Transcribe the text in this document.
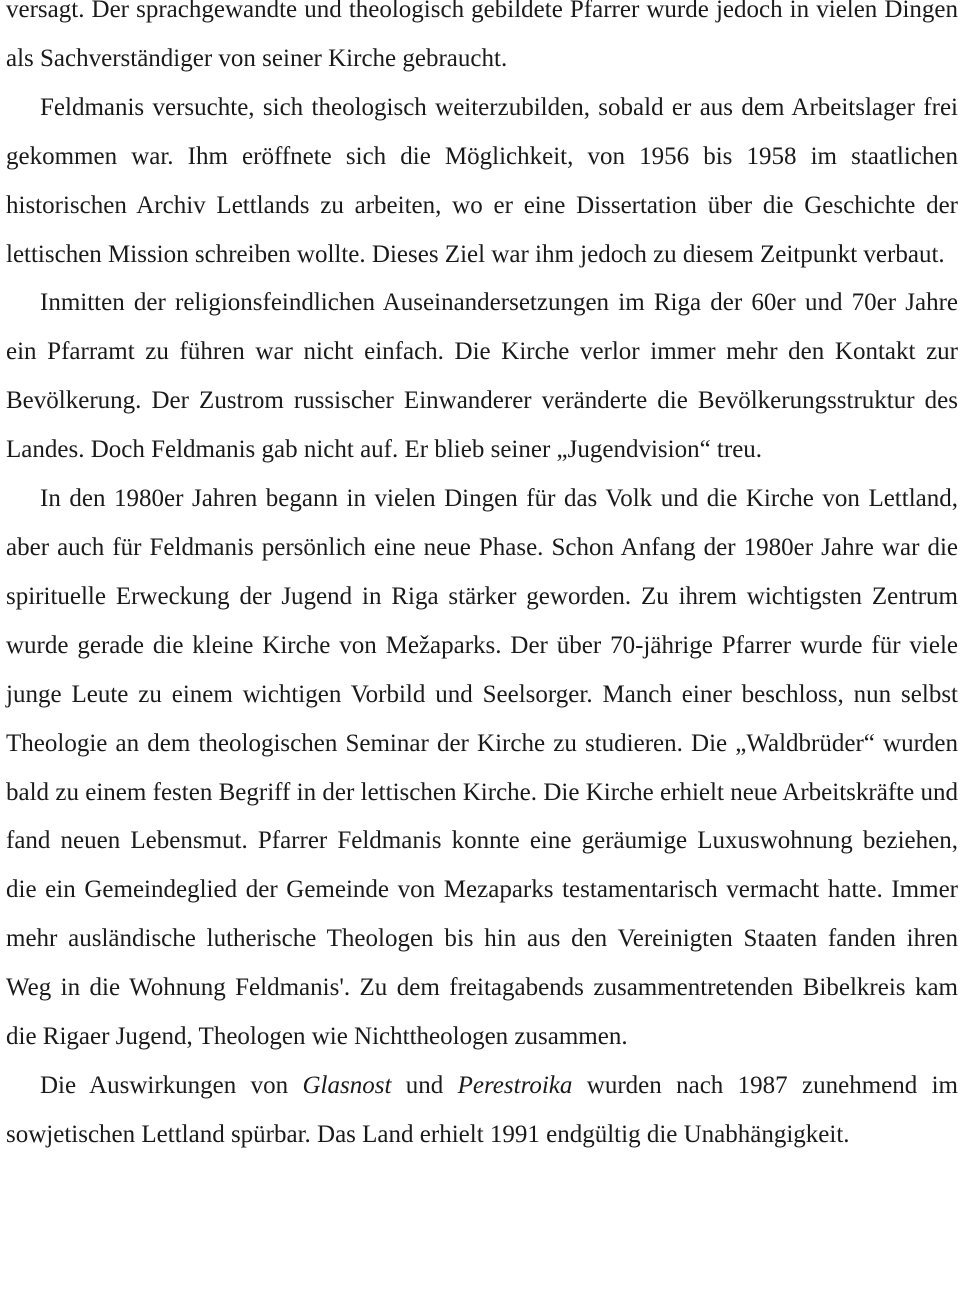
versagt. Der sprachgewandte und theologisch gebildete Pfarrer wurde jedoch in vielen Dingen als Sachverständiger von seiner Kirche gebraucht.

Feldmanis versuchte, sich theologisch weiterzubilden, sobald er aus dem Arbeitslager frei gekommen war. Ihm eröffnete sich die Möglichkeit, von 1956 bis 1958 im staatlichen historischen Archiv Lettlands zu arbeiten, wo er eine Dissertation über die Geschichte der lettischen Mission schreiben wollte. Dieses Ziel war ihm jedoch zu diesem Zeitpunkt verbaut.

Inmitten der religionsfeindlichen Auseinandersetzungen im Riga der 60er und 70er Jahre ein Pfarramt zu führen war nicht einfach. Die Kirche verlor immer mehr den Kontakt zur Bevölkerung. Der Zustrom russischer Einwanderer veränderte die Bevölkerungsstruktur des Landes. Doch Feldmanis gab nicht auf. Er blieb seiner „Jugendvision“ treu.

In den 1980er Jahren begann in vielen Dingen für das Volk und die Kirche von Lettland, aber auch für Feldmanis persönlich eine neue Phase. Schon Anfang der 1980er Jahre war die spirituelle Erweckung der Jugend in Riga stärker geworden. Zu ihrem wichtigsten Zentrum wurde gerade die kleine Kirche von Mežaparks. Der über 70-jährige Pfarrer wurde für viele junge Leute zu einem wichtigen Vorbild und Seelsorger. Manch einer beschloss, nun selbst Theologie an dem theologischen Seminar der Kirche zu studieren. Die „Waldbrüder“ wurden bald zu einem festen Begriff in der lettischen Kirche. Die Kirche erhielt neue Arbeitskräfte und fand neuen Lebensmut. Pfarrer Feldmanis konnte eine geräumige Luxuswohnung beziehen, die ein Gemeindeglied der Gemeinde von Mezaparks testamentarisch vermacht hatte. Immer mehr ausländische lutherische Theologen bis hin aus den Vereinigten Staaten fanden ihren Weg in die Wohnung Feldmanis'. Zu dem freitagabends zusammentretenden Bibelkreis kam die Rigaer Jugend, Theologen wie Nichttheologen zusammen.

Die Auswirkungen von Glasnost und Perestroika wurden nach 1987 zunehmend im sowjetischen Lettland spürbar. Das Land erhielt 1991 endgültig die Unabhängigkeit.
